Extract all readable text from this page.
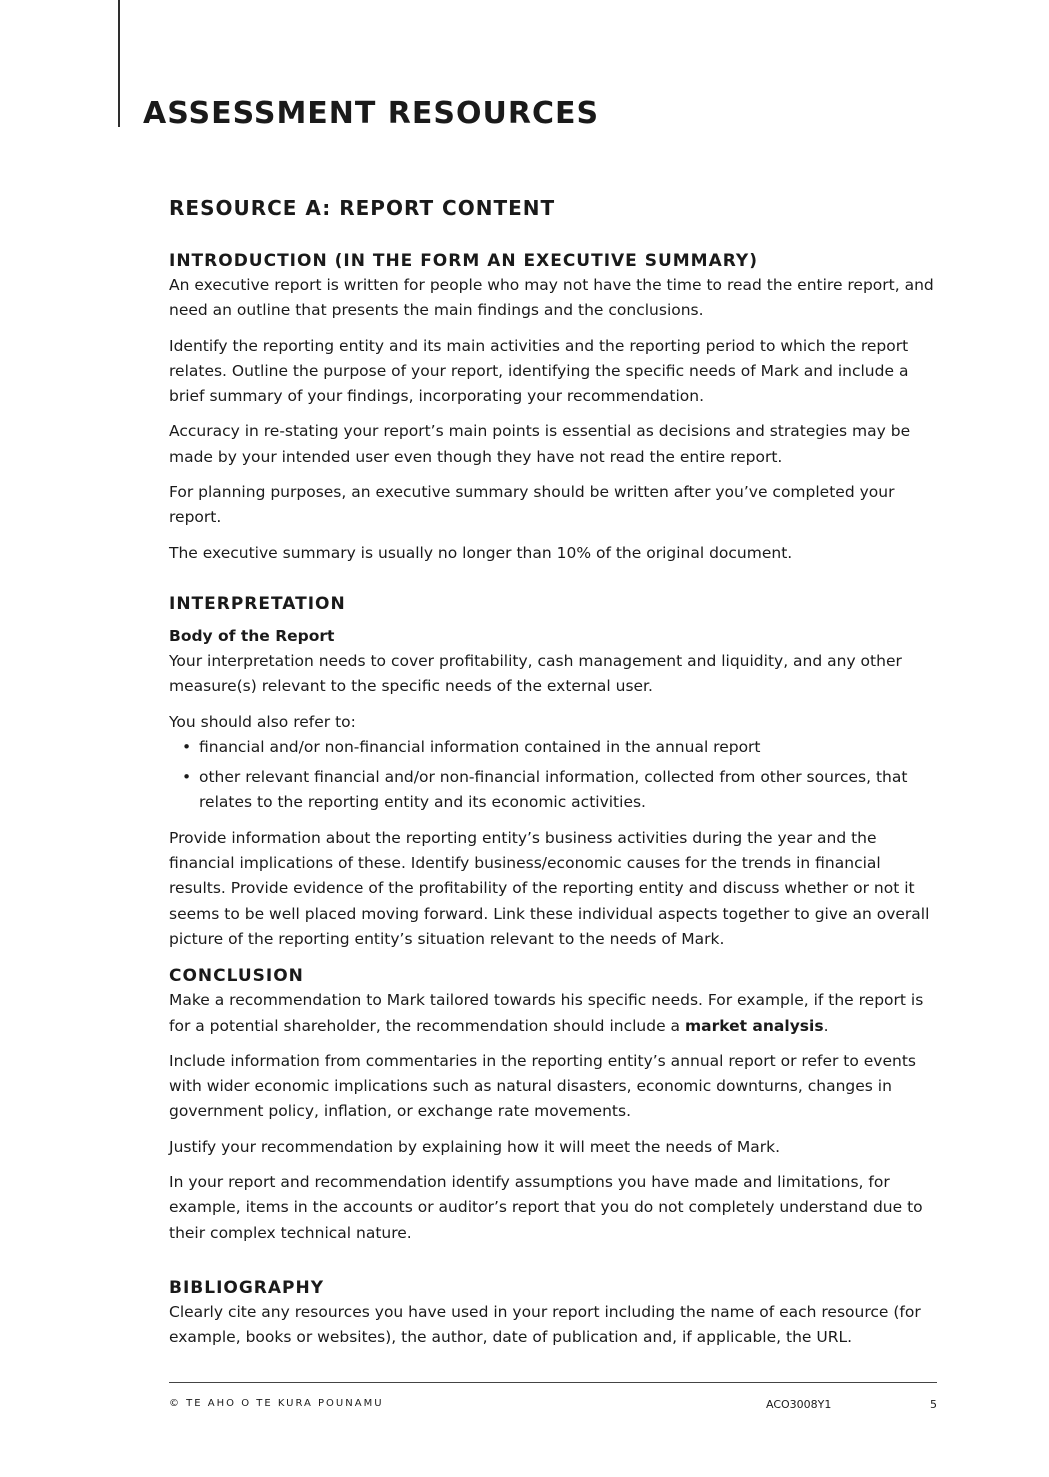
ASSESSMENT RESOURCES
RESOURCE A: REPORT CONTENT
INTRODUCTION (IN THE FORM AN EXECUTIVE SUMMARY)

An executive report is written for people who may not have the time to read the entire report, and need an outline that presents the main findings and the conclusions.

Identify the reporting entity and its main activities and the reporting period to which the report relates. Outline the purpose of your report, identifying the specific needs of Mark and include a brief summary of your findings, incorporating your recommendation.

Accuracy in re-stating your report’s main points is essential as decisions and strategies may be made by your intended user even though they have not read the entire report.

For planning purposes, an executive summary should be written after you’ve completed your report.

The executive summary is usually no longer than 10% of the original document.

INTERPRETATION
Body of the Report

Your interpretation needs to cover profitability, cash management and liquidity, and any other measure(s) relevant to the specific needs of the external user.

You should also refer to:

• financial and/or non-financial information contained in the annual report
• other relevant financial and/or non-financial information, collected from other sources, that relates to the reporting entity and its economic activities.

Provide information about the reporting entity’s business activities during the year and the financial implications of these. Identify business/economic causes for the trends in financial results. Provide evidence of the profitability of the reporting entity and discuss whether or not it seems to be well placed moving forward. Link these individual aspects together to give an overall picture of the reporting entity’s situation relevant to the needs of Mark.

CONCLUSION

Make a recommendation to Mark tailored towards his specific needs. For example, if the report is for a potential shareholder, the recommendation should include a market analysis.

Include information from commentaries in the reporting entity’s annual report or refer to events with wider economic implications such as natural disasters, economic downturns, changes in government policy, inflation, or exchange rate movements.

Justify your recommendation by explaining how it will meet the needs of Mark.

In your report and recommendation identify assumptions you have made and limitations, for example, items in the accounts or auditor’s report that you do not completely understand due to their complex technical nature.

BIBLIOGRAPHY

Clearly cite any resources you have used in your report including the name of each resource (for example, books or websites), the author, date of publication and, if applicable, the URL.

© TE AHO O TE KURA POUNAMU	ACO3008Y1	5
